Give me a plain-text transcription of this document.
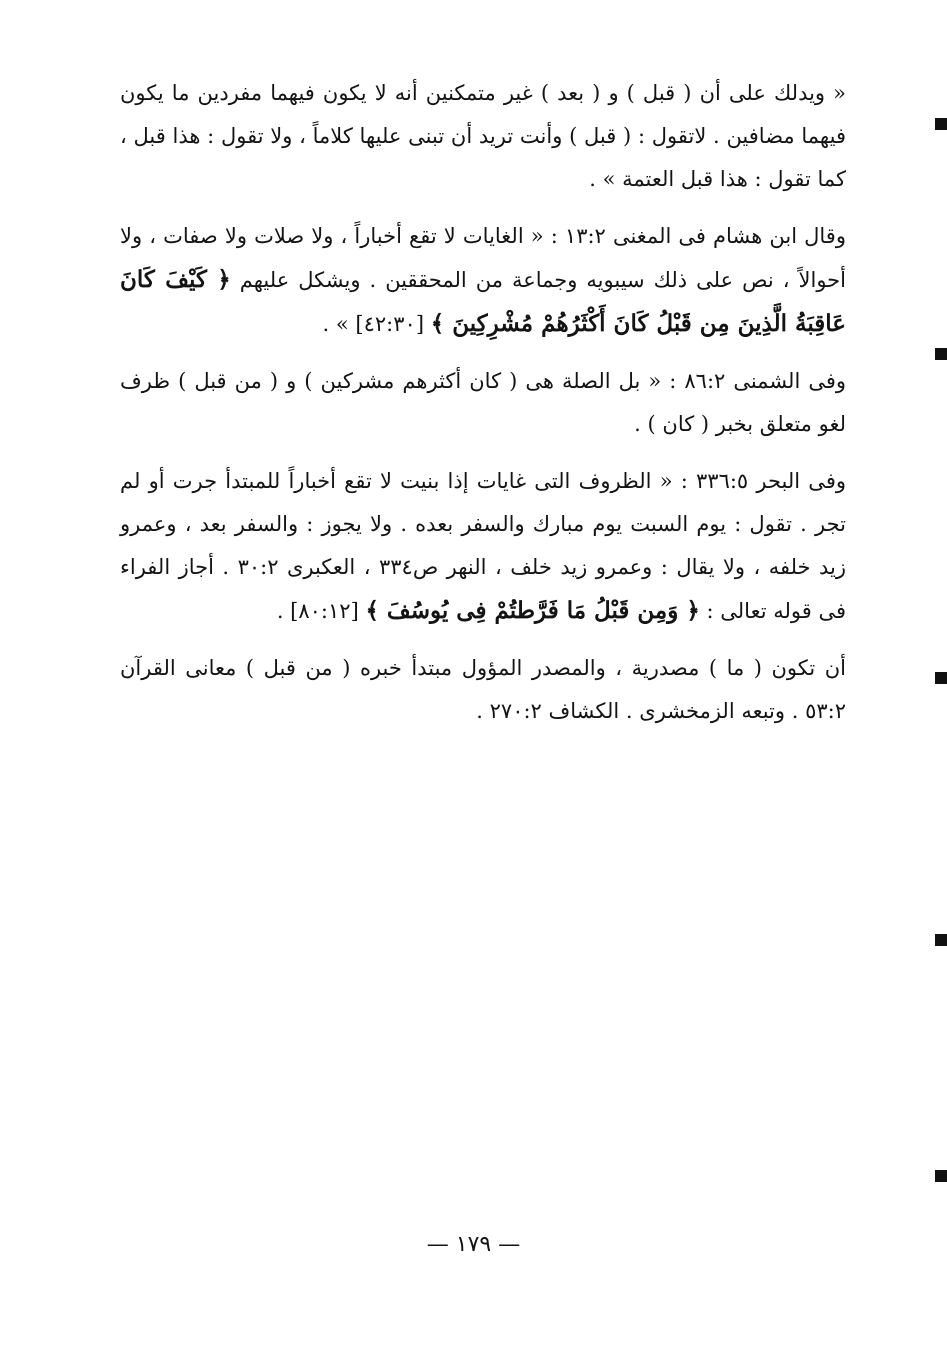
« ويدلك على أن ( قبل ) و ( بعد ) غير متمكنين أنه لا يكون فيهما مفردين ما يكون فيهما مضافين . لاتقول : ( قبل ) وأنت تريد أن تبنى عليها كلاماً ، ولا تقول : هذا قبل ، كما تقول : هذا قبل العتمة » .

وقال ابن هشام فى المغنى ١٣:٢ : « الغايات لا تقع أخباراً ، ولا صلات ولا صفات ، ولا أحوالاً ، نص على ذلك سيبويه وجماعة من المحققين . ويشكل عليهم ﴿ كَيْفَ كَانَ عَاقِبَةُ الَّذِينَ مِن قَبْلُ كَانَ أَكْثَرُهُمْ مُشْرِكِينَ ﴾ [٤٢:٣٠] » .

وفى الشمنى ٨٦:٢ : « بل الصلة هى ( كان أكثرهم مشركين ) و ( من قبل ) ظرف لغو متعلق بخبر ( كان ) .

وفى البحر ٣٣٦:٥ : « الظروف التى غايات إذا بنيت لا تقع أخباراً للمبتدأ جرت أو لم تجر . تقول : يوم السبت يوم مبارك والسفر بعده . ولا يجوز : والسفر بعد ، وعمرو زيد خلفه ، ولا يقال : وعمرو زيد خلف ، النهر ص٣٣٤ ، العكبرى ٣٠:٢ . أجاز الفراء فى قوله تعالى : ﴿ وَمِن قَبْلُ مَا فَرَّطتُمْ فِى يُوسُفَ ﴾ [٨٠:١٢] .

أن تكون ( ما ) مصدرية ، والمصدر المؤول مبتدأ خبره ( من قبل ) معانى القرآن ٥٣:٢ . وتبعه الزمخشرى . الكشاف ٢٧٠:٢ .

— ١٧٩ —
